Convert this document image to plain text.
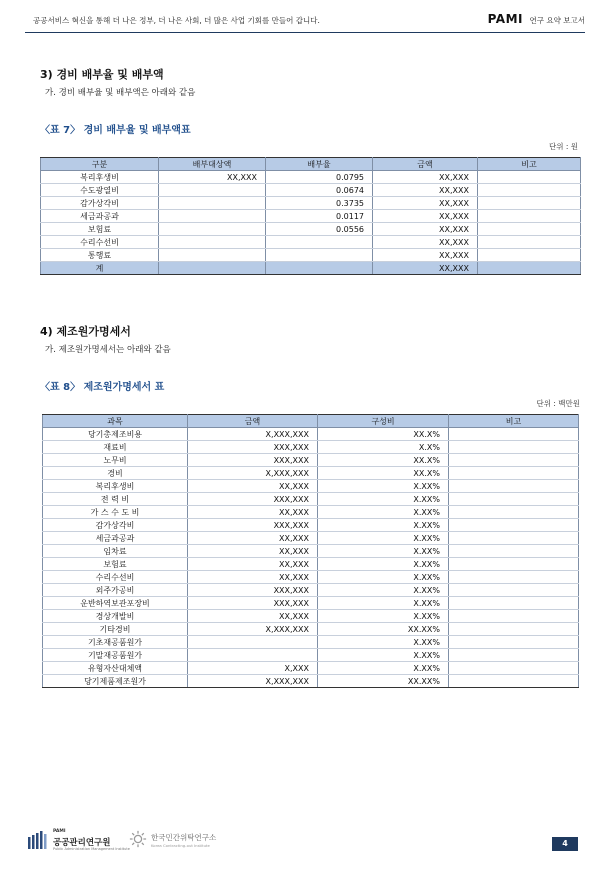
공공서비스 혁신을 통해 더 나은 정부, 더 나은 사회, 더 많은 사업 기회를 만들어 갑니다.	PAMI 연구 요약 보고서
3) 경비 배부율 및 배부액
가. 경비 배부율 및 배부액은 아래와 같음
〈표 7〉 경비 배부율 및 배부액표
단위 : 원
구분	배부대상액	배부율	금액	비고
복리후생비	XX,XXX	0.0795	XX,XXX	
수도광열비		0.0674	XX,XXX	
감가상각비		0.3735	XX,XXX	
세금과공과		0.0117	XX,XXX	
보험료		0.0556	XX,XXX	
수리수선비			XX,XXX	
통행료			XX,XXX	
계			XX,XXX	
4) 제조원가명세서
가. 제조원가명세서는 아래와 같음
〈표 8〉 제조원가명세서 표
단위 : 백만원
과목	금액	구성비	비고
당기총제조비용	X,XXX,XXX	XX.X%	
재료비	XXX,XXX	X.X%	
노무비	XXX,XXX	XX.X%	
경비	X,XXX,XXX	XX.X%	
복리후생비	XX,XXX	X.XX%	
전 력 비	XXX,XXX	X.XX%	
가 스 수 도 비	XX,XXX	X.XX%	
감가상각비	XXX,XXX	X.XX%	
세금과공과	XX,XXX	X.XX%	
임차료	XX,XXX	X.XX%	
보험료	XX,XXX	X.XX%	
수리수선비	XX,XXX	X.XX%	
외주가공비	XXX,XXX	X.XX%	
운반하역보관포장비	XXX,XXX	X.XX%	
경상개발비	XX,XXX	X.XX%	
기타경비	X,XXX,XXX	XX.XX%	
기초재공품원가		X.XX%	
기말재공품원가		X.XX%	
유형자산대체액	X,XXX	X.XX%	
당기제품제조원가	X,XXX,XXX	XX.XX%	
PAMI
공공관리연구원
Public Administration Management Institute
한국민간위탁연구소
Korea Contracting-out Institute	4
